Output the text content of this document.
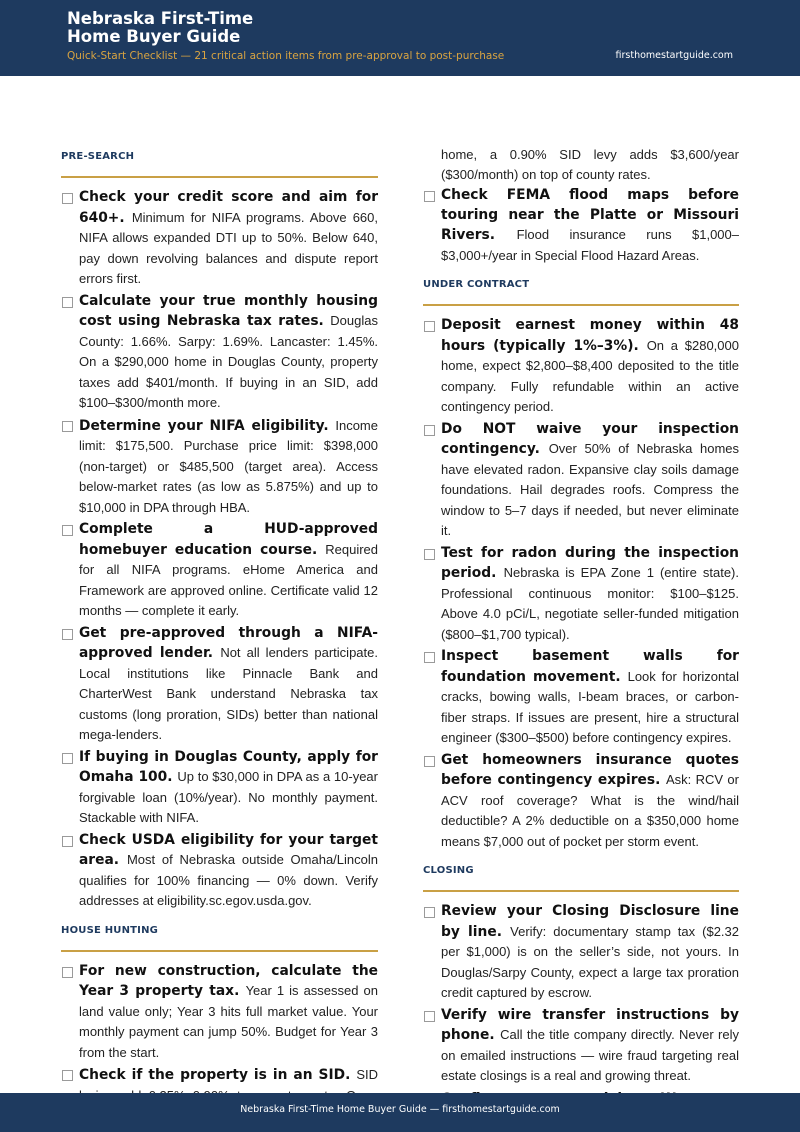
Nebraska First-Time
Home Buyer Guide
Quick-Start Checklist — 21 critical action items from pre-approval to post-purchase	firsthomestartguide.com
PRE-SEARCH
Check your credit score and aim for 640+. Minimum for NIFA programs. Above 660, NIFA allows expanded DTI up to 50%. Below 640, pay down revolving balances and dispute report errors first.
Calculate your true monthly housing cost using Nebraska tax rates. Douglas County: 1.66%. Sarpy: 1.69%. Lancaster: 1.45%. On a $290,000 home in Douglas County, property taxes add $401/month. If buying in an SID, add $100–$300/month more.
Determine your NIFA eligibility. Income limit: $175,500. Purchase price limit: $398,000 (non-target) or $485,500 (target area). Access below-market rates (as low as 5.875%) and up to $10,000 in DPA through HBA.
Complete a HUD-approved homebuyer education course. Required for all NIFA programs. eHome America and Framework are approved online. Certificate valid 12 months — complete it early.
Get pre-approved through a NIFA-approved lender. Not all lenders participate. Local institutions like Pinnacle Bank and CharterWest Bank understand Nebraska tax customs (long proration, SIDs) better than national mega-lenders.
If buying in Douglas County, apply for Omaha 100. Up to $30,000 in DPA as a 10-year forgivable loan (10%/year). No monthly payment. Stackable with NIFA.
Check USDA eligibility for your target area. Most of Nebraska outside Omaha/Lincoln qualifies for 100% financing — 0% down. Verify addresses at eligibility.sc.egov.usda.gov.
HOUSE HUNTING
For new construction, calculate the Year 3 property tax. Year 1 is assessed on land value only; Year 3 hits full market value. Your monthly payment can jump 50%. Budget for Year 3 from the start.
Check if the property is in an SID. SID
home, a 0.90% SID levy adds $3,600/year ($300/month) on top of county rates.
Check FEMA flood maps before touring near the Platte or Missouri Rivers. Flood insurance runs $1,000–$3,000+/year in Special Flood Hazard Areas.
UNDER CONTRACT
Deposit earnest money within 48 hours (typically 1%–3%). On a $280,000 home, expect $2,800–$8,400 deposited to the title company. Fully refundable within an active contingency period.
Do NOT waive your inspection contingency. Over 50% of Nebraska homes have elevated radon. Expansive clay soils damage foundations. Hail degrades roofs. Compress the window to 5–7 days if needed, but never eliminate it.
Test for radon during the inspection period. Nebraska is EPA Zone 1 (entire state). Professional continuous monitor: $100–$125. Above 4.0 pCi/L, negotiate seller-funded mitigation ($800–$1,700 typical).
Inspect basement walls for foundation movement. Look for horizontal cracks, bowing walls, I-beam braces, or carbon-fiber straps. If issues are present, hire a structural engineer ($300–$500) before contingency expires.
Get homeowners insurance quotes before contingency expires. Ask: RCV or ACV roof coverage? What is the wind/hail deductible? A 2% deductible on a $350,000 home means $7,000 out of pocket per storm event.
CLOSING
Review your Closing Disclosure line by line. Verify: documentary stamp tax ($2.32 per $1,000) is on the seller’s side, not yours. In Douglas/Sarpy County, expect a large tax proration credit captured by escrow.
Verify wire transfer instructions by phone. Call the title company directly. Never rely on emailed instructions — wire fraud targeting real estate closings is a real and growing threat.
Nebraska First-Time Home Buyer Guide — firsthomestartguide.com
